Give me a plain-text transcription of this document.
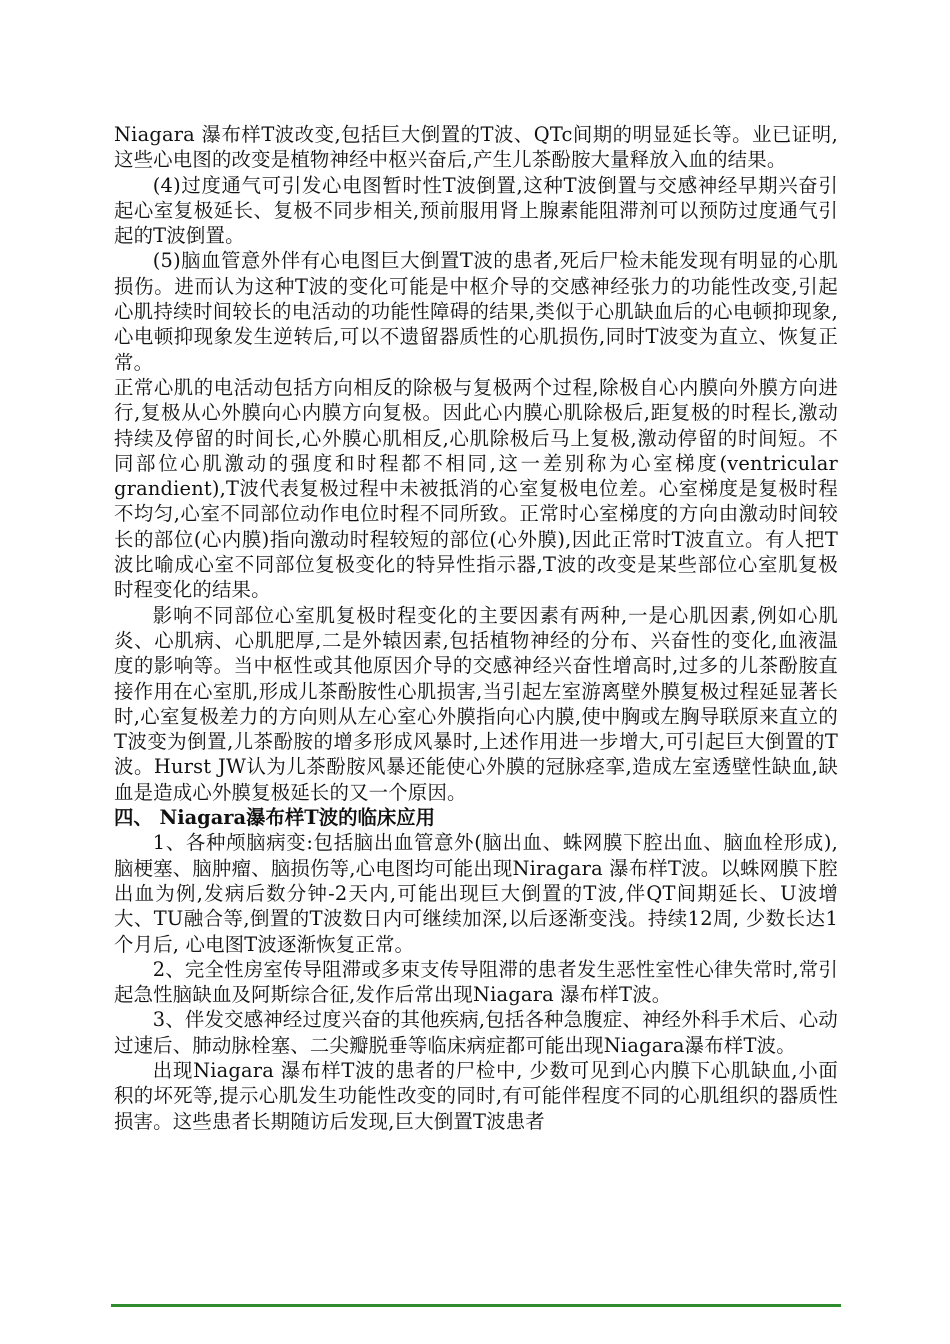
Niagara 瀑布样T波改变,包括巨大倒置的T波、QTc间期的明显延长等。业已证明,这些心电图的改变是植物神经中枢兴奋后,产生儿茶酚胺大量释放入血的结果。

(4)过度通气可引发心电图暂时性T波倒置,这种T波倒置与交感神经早期兴奋引起心室复极延长、复极不同步相关,预前服用肾上腺素能阻滞剂可以预防过度通气引起的T波倒置。

(5)脑血管意外伴有心电图巨大倒置T波的患者,死后尸检未能发现有明显的心肌损伤。进而认为这种T波的变化可能是中枢介导的交感神经张力的功能性改变,引起心肌持续时间较长的电活动的功能性障碍的结果,类似于心肌缺血后的心电顿抑现象,心电顿抑现象发生逆转后,可以不遗留器质性的心肌损伤,同时T波变为直立、恢复正常。

正常心肌的电活动包括方向相反的除极与复极两个过程,除极自心内膜向外膜方向进行,复极从心外膜向心内膜方向复极。因此心内膜心肌除极后,距复极的时程长,激动持续及停留的时间长,心外膜心肌相反,心肌除极后马上复极,激动停留的时间短。不同部位心肌激动的强度和时程都不相同,这一差别称为心室梯度(ventricular grandient),T波代表复极过程中未被抵消的心室复极电位差。心室梯度是复极时程不均匀,心室不同部位动作电位时程不同所致。正常时心室梯度的方向由激动时间较长的部位(心内膜)指向激动时程较短的部位(心外膜),因此正常时T波直立。有人把T波比喻成心室不同部位复极变化的特异性指示器,T波的改变是某些部位心室肌复极时程变化的结果。

影响不同部位心室肌复极时程变化的主要因素有两种,一是心肌因素,例如心肌炎、心肌病、心肌肥厚,二是外辕因素,包括植物神经的分布、兴奋性的变化,血液温度的影响等。当中枢性或其他原因介导的交感神经兴奋性增高时,过多的儿茶酚胺直接作用在心室肌,形成儿茶酚胺性心肌损害,当引起左室游离壁外膜复极过程延显著长时,心室复极差力的方向则从左心室心外膜指向心内膜,使中胸或左胸导联原来直立的T波变为倒置,儿茶酚胺的增多形成风暴时,上述作用进一步增大,可引起巨大倒置的T波。Hurst JW认为儿茶酚胺风暴还能使心外膜的冠脉痉挛,造成左室透壁性缺血,缺血是造成心外膜复极延长的又一个原因。

四、 Niagara瀑布样T波的临床应用

1、各种颅脑病变:包括脑出血管意外(脑出血、蛛网膜下腔出血、脑血栓形成),脑梗塞、脑肿瘤、脑损伤等,心电图均可能出现Niragara 瀑布样T波。以蛛网膜下腔出血为例,发病后数分钟-2天内,可能出现巨大倒置的T波,伴QT间期延长、U波增大、TU融合等,倒置的T波数日内可继续加深,以后逐渐变浅。持续12周, 少数长达1个月后, 心电图T波逐渐恢复正常。

2、完全性房室传导阻滞或多束支传导阻滞的患者发生恶性室性心律失常时,常引起急性脑缺血及阿斯综合征,发作后常出现Niagara 瀑布样T波。

3、伴发交感神经过度兴奋的其他疾病,包括各种急腹症、神经外科手术后、心动过速后、肺动脉栓塞、二尖瓣脱垂等临床病症都可能出现Niagara瀑布样T波。

出现Niagara 瀑布样T波的患者的尸检中, 少数可见到心内膜下心肌缺血,小面积的坏死等,提示心肌发生功能性改变的同时,有可能伴程度不同的心肌组织的器质性损害。这些患者长期随访后发现,巨大倒置T波患者
